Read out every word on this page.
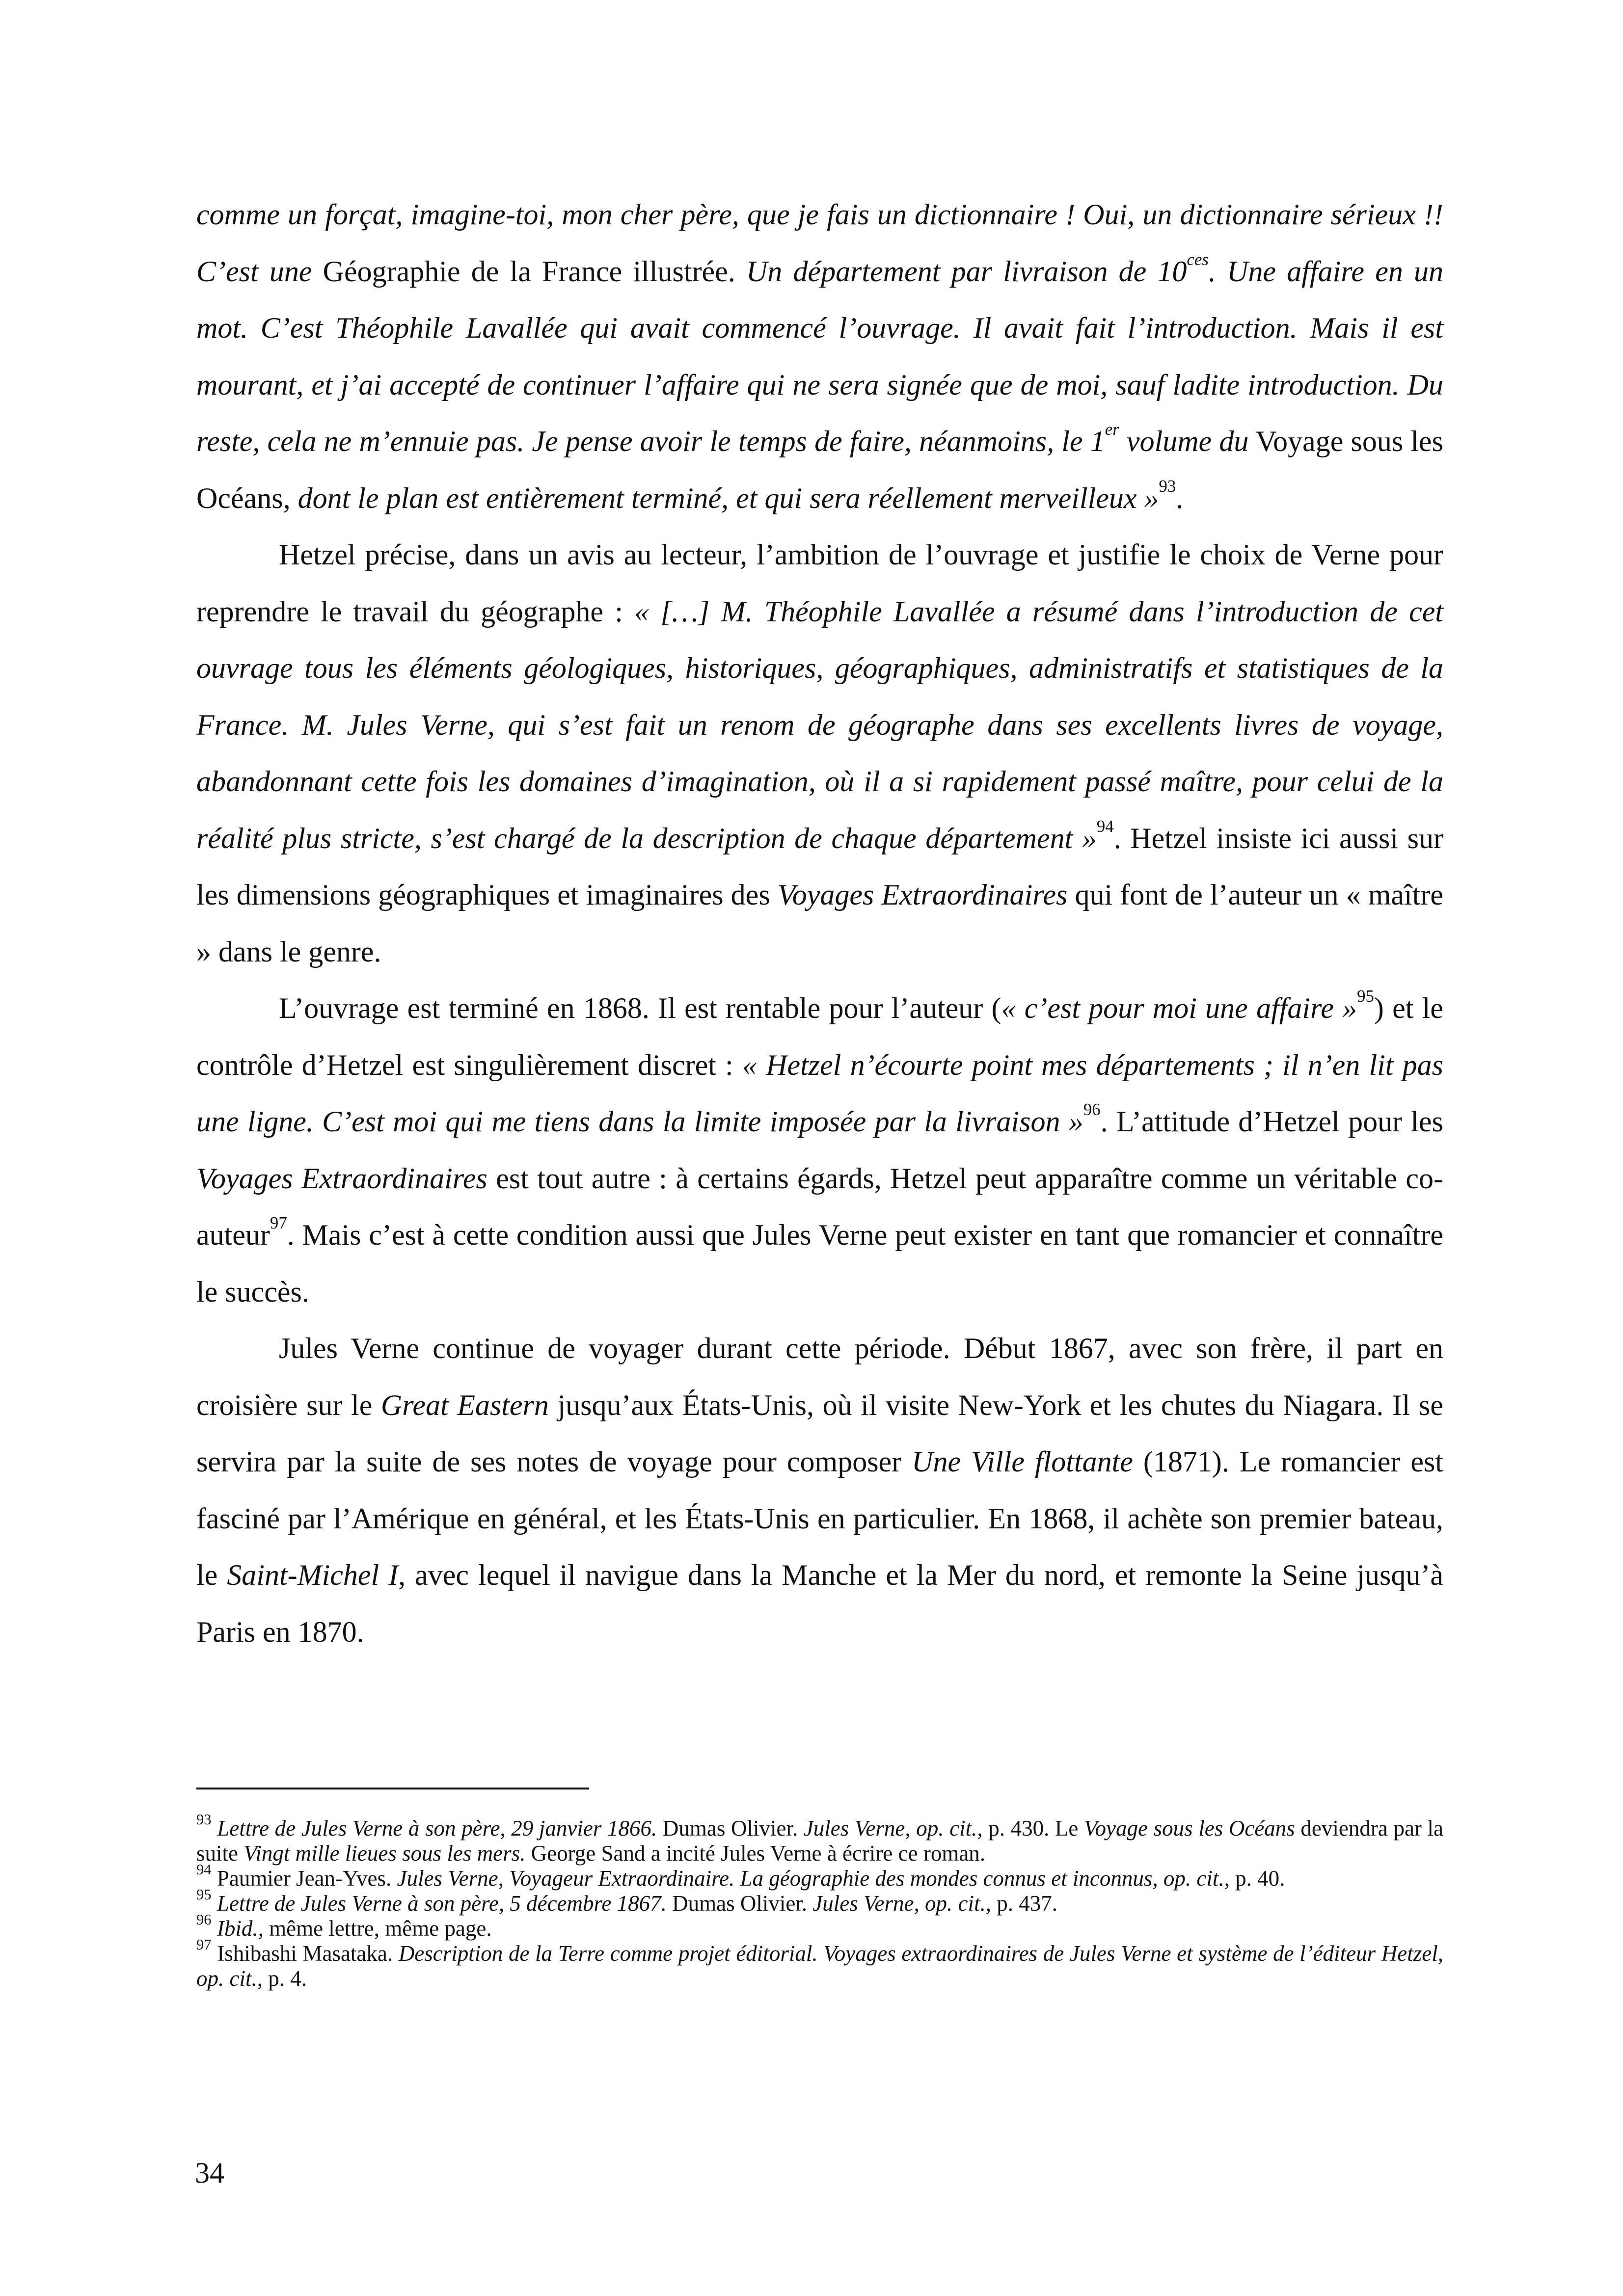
comme un forçat, imagine-toi, mon cher père, que je fais un dictionnaire ! Oui, un dictionnaire sérieux !! C’est une Géographie de la France illustrée. Un département par livraison de $10^{ces}$. Une affaire en un mot. C’est Théophile Lavallée qui avait commencé l’ouvrage. Il avait fait l’introduction. Mais il est mourant, et j’ai accepté de continuer l’affaire qui ne sera signée que de moi, sauf ladite introduction. Du reste, cela ne m’ennuie pas. Je pense avoir le temps de faire, néanmoins, le 1er volume du Voyage sous les Océans, dont le plan est entièrement terminé, et qui sera réellement merveilleux »$^{93}$.

Hetzel précise, dans un avis au lecteur, l’ambition de l’ouvrage et justifie le choix de Verne pour reprendre le travail du géographe : « […] M. Théophile Lavallée a résumé dans l’introduction de cet ouvrage tous les éléments géologiques, historiques, géographiques, administratifs et statistiques de la France. M. Jules Verne, qui s’est fait un renom de géographe dans ses excellents livres de voyage, abandonnant cette fois les domaines d’imagination, où il a si rapidement passé maître, pour celui de la réalité plus stricte, s’est chargé de la description de chaque département »$^{94}$. Hetzel insiste ici aussi sur les dimensions géographiques et imaginaires des Voyages Extraordinaires qui font de l’auteur un « maître » dans le genre.

L’ouvrage est terminé en 1868. Il est rentable pour l’auteur (« c’est pour moi une affaire »$^{95}$) et le contrôle d’Hetzel est singulièrement discret : « Hetzel n’écourte point mes départements ; il n’en lit pas une ligne. C’est moi qui me tiens dans la limite imposée par la livraison »$^{96}$. L’attitude d’Hetzel pour les Voyages Extraordinaires est tout autre : à certains égards, Hetzel peut apparaître comme un véritable co-auteur$^{97}$. Mais c’est à cette condition aussi que Jules Verne peut exister en tant que romancier et connaître le succès.

Jules Verne continue de voyager durant cette période. Début 1867, avec son frère, il part en croisière sur le Great Eastern jusqu’aux États-Unis, où il visite New-York et les chutes du Niagara. Il se servira par la suite de ses notes de voyage pour composer Une Ville flottante (1871). Le romancier est fasciné par l’Amérique en général, et les États-Unis en particulier. En 1868, il achète son premier bateau, le Saint-Michel I, avec lequel il navigue dans la Manche et la Mer du nord, et remonte la Seine jusqu’à Paris en 1870.

$^{93}$ Lettre de Jules Verne à son père, 29 janvier 1866. Dumas Olivier. Jules Verne, op. cit., p. 430. Le Voyage sous les Océans deviendra par la suite Vingt mille lieues sous les mers. George Sand a incité Jules Verne à écrire ce roman.

$^{94}$ Paumier Jean-Yves. Jules Verne, Voyageur Extraordinaire. La géographie des mondes connus et inconnus, op. cit., p. 40.

$^{95}$ Lettre de Jules Verne à son père, 5 décembre 1867. Dumas Olivier. Jules Verne, op. cit., p. 437.

$^{96}$ Ibid., même lettre, même page.

$^{97}$ Ishibashi Masataka. Description de la Terre comme projet éditorial. Voyages extraordinaires de Jules Verne et système de l’éditeur Hetzel, op. cit., p. 4.

34
